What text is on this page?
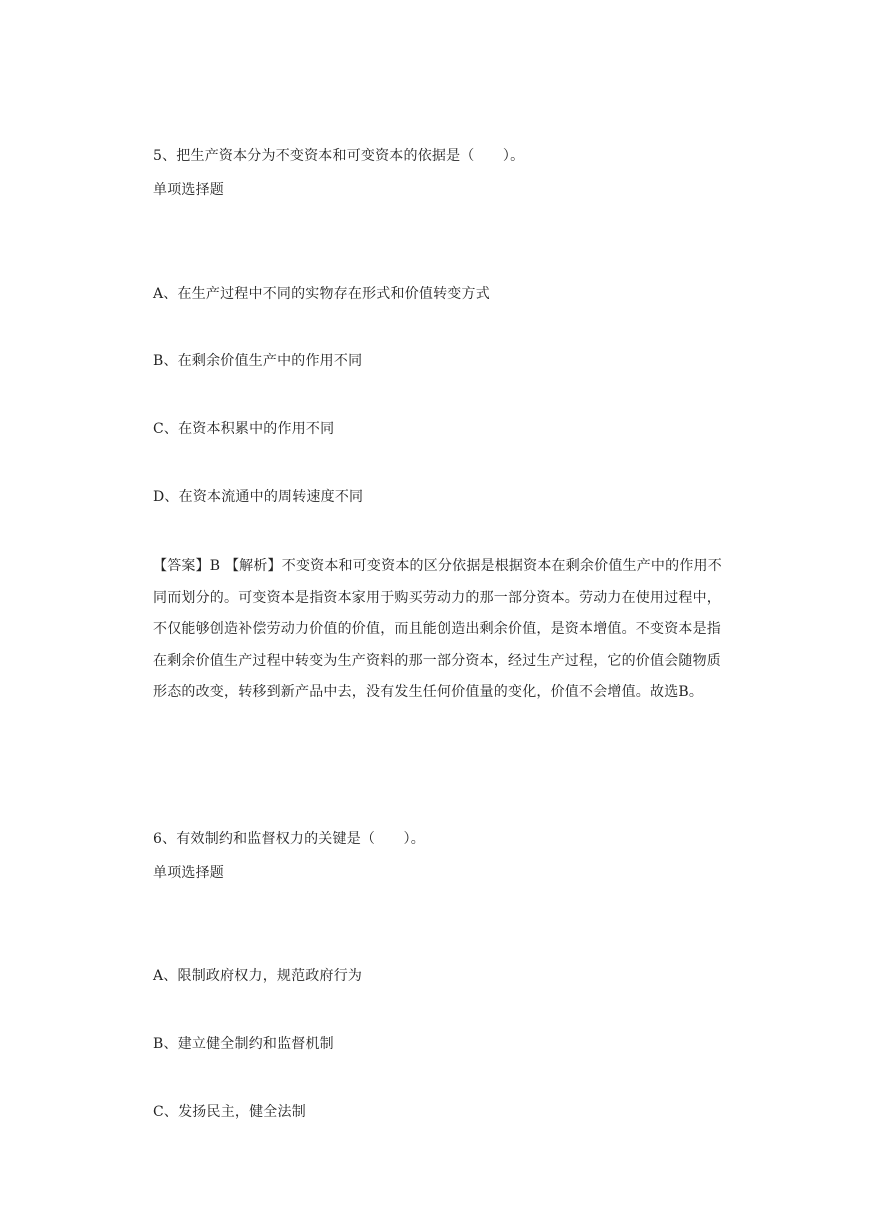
5、把生产资本分为不变资本和可变资本的依据是（　　）。
单项选择题
A、在生产过程中不同的实物存在形式和价值转变方式
B、在剩余价值生产中的作用不同
C、在资本积累中的作用不同
D、在资本流通中的周转速度不同
【答案】B 【解析】不变资本和可变资本的区分依据是根据资本在剩余价值生产中的作用不同而划分的。可变资本是指资本家用于购买劳动力的那一部分资本。劳动力在使用过程中，不仅能够创造补偿劳动力价值的价值，而且能创造出剩余价值，是资本增值。不变资本是指在剩余价值生产过程中转变为生产资料的那一部分资本，经过生产过程，它的价值会随物质形态的改变，转移到新产品中去，没有发生任何价值量的变化，价值不会增值。故选B。
6、有效制约和监督权力的关键是（　　）。
单项选择题
A、限制政府权力，规范政府行为
B、建立健全制约和监督机制
C、发扬民主，健全法制
